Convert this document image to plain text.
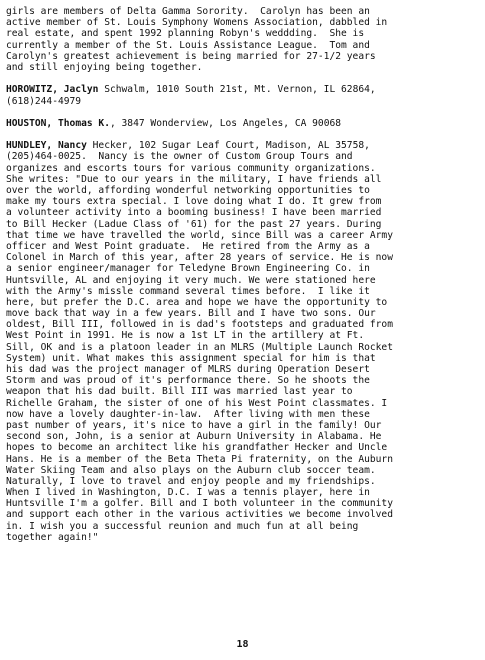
girls are members of Delta Gamma Sorority.  Carolyn has been an
active member of St. Louis Symphony Womens Association, dabbled in
real estate, and spent 1992 planning Robyn's weddding.  She is
currently a member of the St. Louis Assistance League.  Tom and
Carolyn's greatest achievement is being married for 27-1/2 years
and still enjoying being together.
HOROWITZ, Jaclyn Schwalm, 1010 South 21st, Mt. Vernon, IL 62864,
(618)244-4979
HOUSTON, Thomas K., 3847 Wonderview, Los Angeles, CA 90068
HUNDLEY, Nancy Hecker, 102 Sugar Leaf Court, Madison, AL 35758,
(205)464-0025.  Nancy is the owner of Custom Group Tours and
organizes and escorts tours for various community organizations.
She writes: "Due to our years in the military, I have friends all
over the world, affording wonderful networking opportunities to
make my tours extra special. I love doing what I do. It grew from
a volunteer activity into a booming business! I have been married
to Bill Hecker (Ladue Class of '61) for the past 27 years. During
that time we have travelled the world, since Bill was a career Army
officer and West Point graduate.  He retired from the Army as a
Colonel in March of this year, after 28 years of service. He is now
a senior engineer/manager for Teledyne Brown Engineering Co. in
Huntsville, AL and enjoying it very much. We were stationed here
with the Army's missle command several times before.  I like it
here, but prefer the D.C. area and hope we have the opportunity to
move back that way in a few years. Bill and I have two sons. Our
oldest, Bill III, followed in is dad's footsteps and graduated from
West Point in 1991. He is now a 1st LT in the artillery at Ft.
Sill, OK and is a platoon leader in an MLRS (Multiple Launch Rocket
System) unit. What makes this assignment special for him is that
his dad was the project manager of MLRS during Operation Desert
Storm and was proud of it's performance there. So he shoots the
weapon that his dad built. Bill III was married last year to
Richelle Graham, the sister of one of his West Point classmates. I
now have a lovely daughter-in-law.  After living with men these
past number of years, it's nice to have a girl in the family! Our
second son, John, is a senior at Auburn University in Alabama. He
hopes to become an architect like his grandfather Hecker and Uncle
Hans. He is a member of the Beta Theta Pi fraternity, on the Auburn
Water Skiing Team and also plays on the Auburn club soccer team.
Naturally, I love to travel and enjoy people and my friendships.
When I lived in Washington, D.C. I was a tennis player, here in
Huntsville I'm a golfer. Bill and I both volunteer in the community
and support each other in the various activities we become involved
in. I wish you a successful reunion and much fun at all being
together again!"
18
